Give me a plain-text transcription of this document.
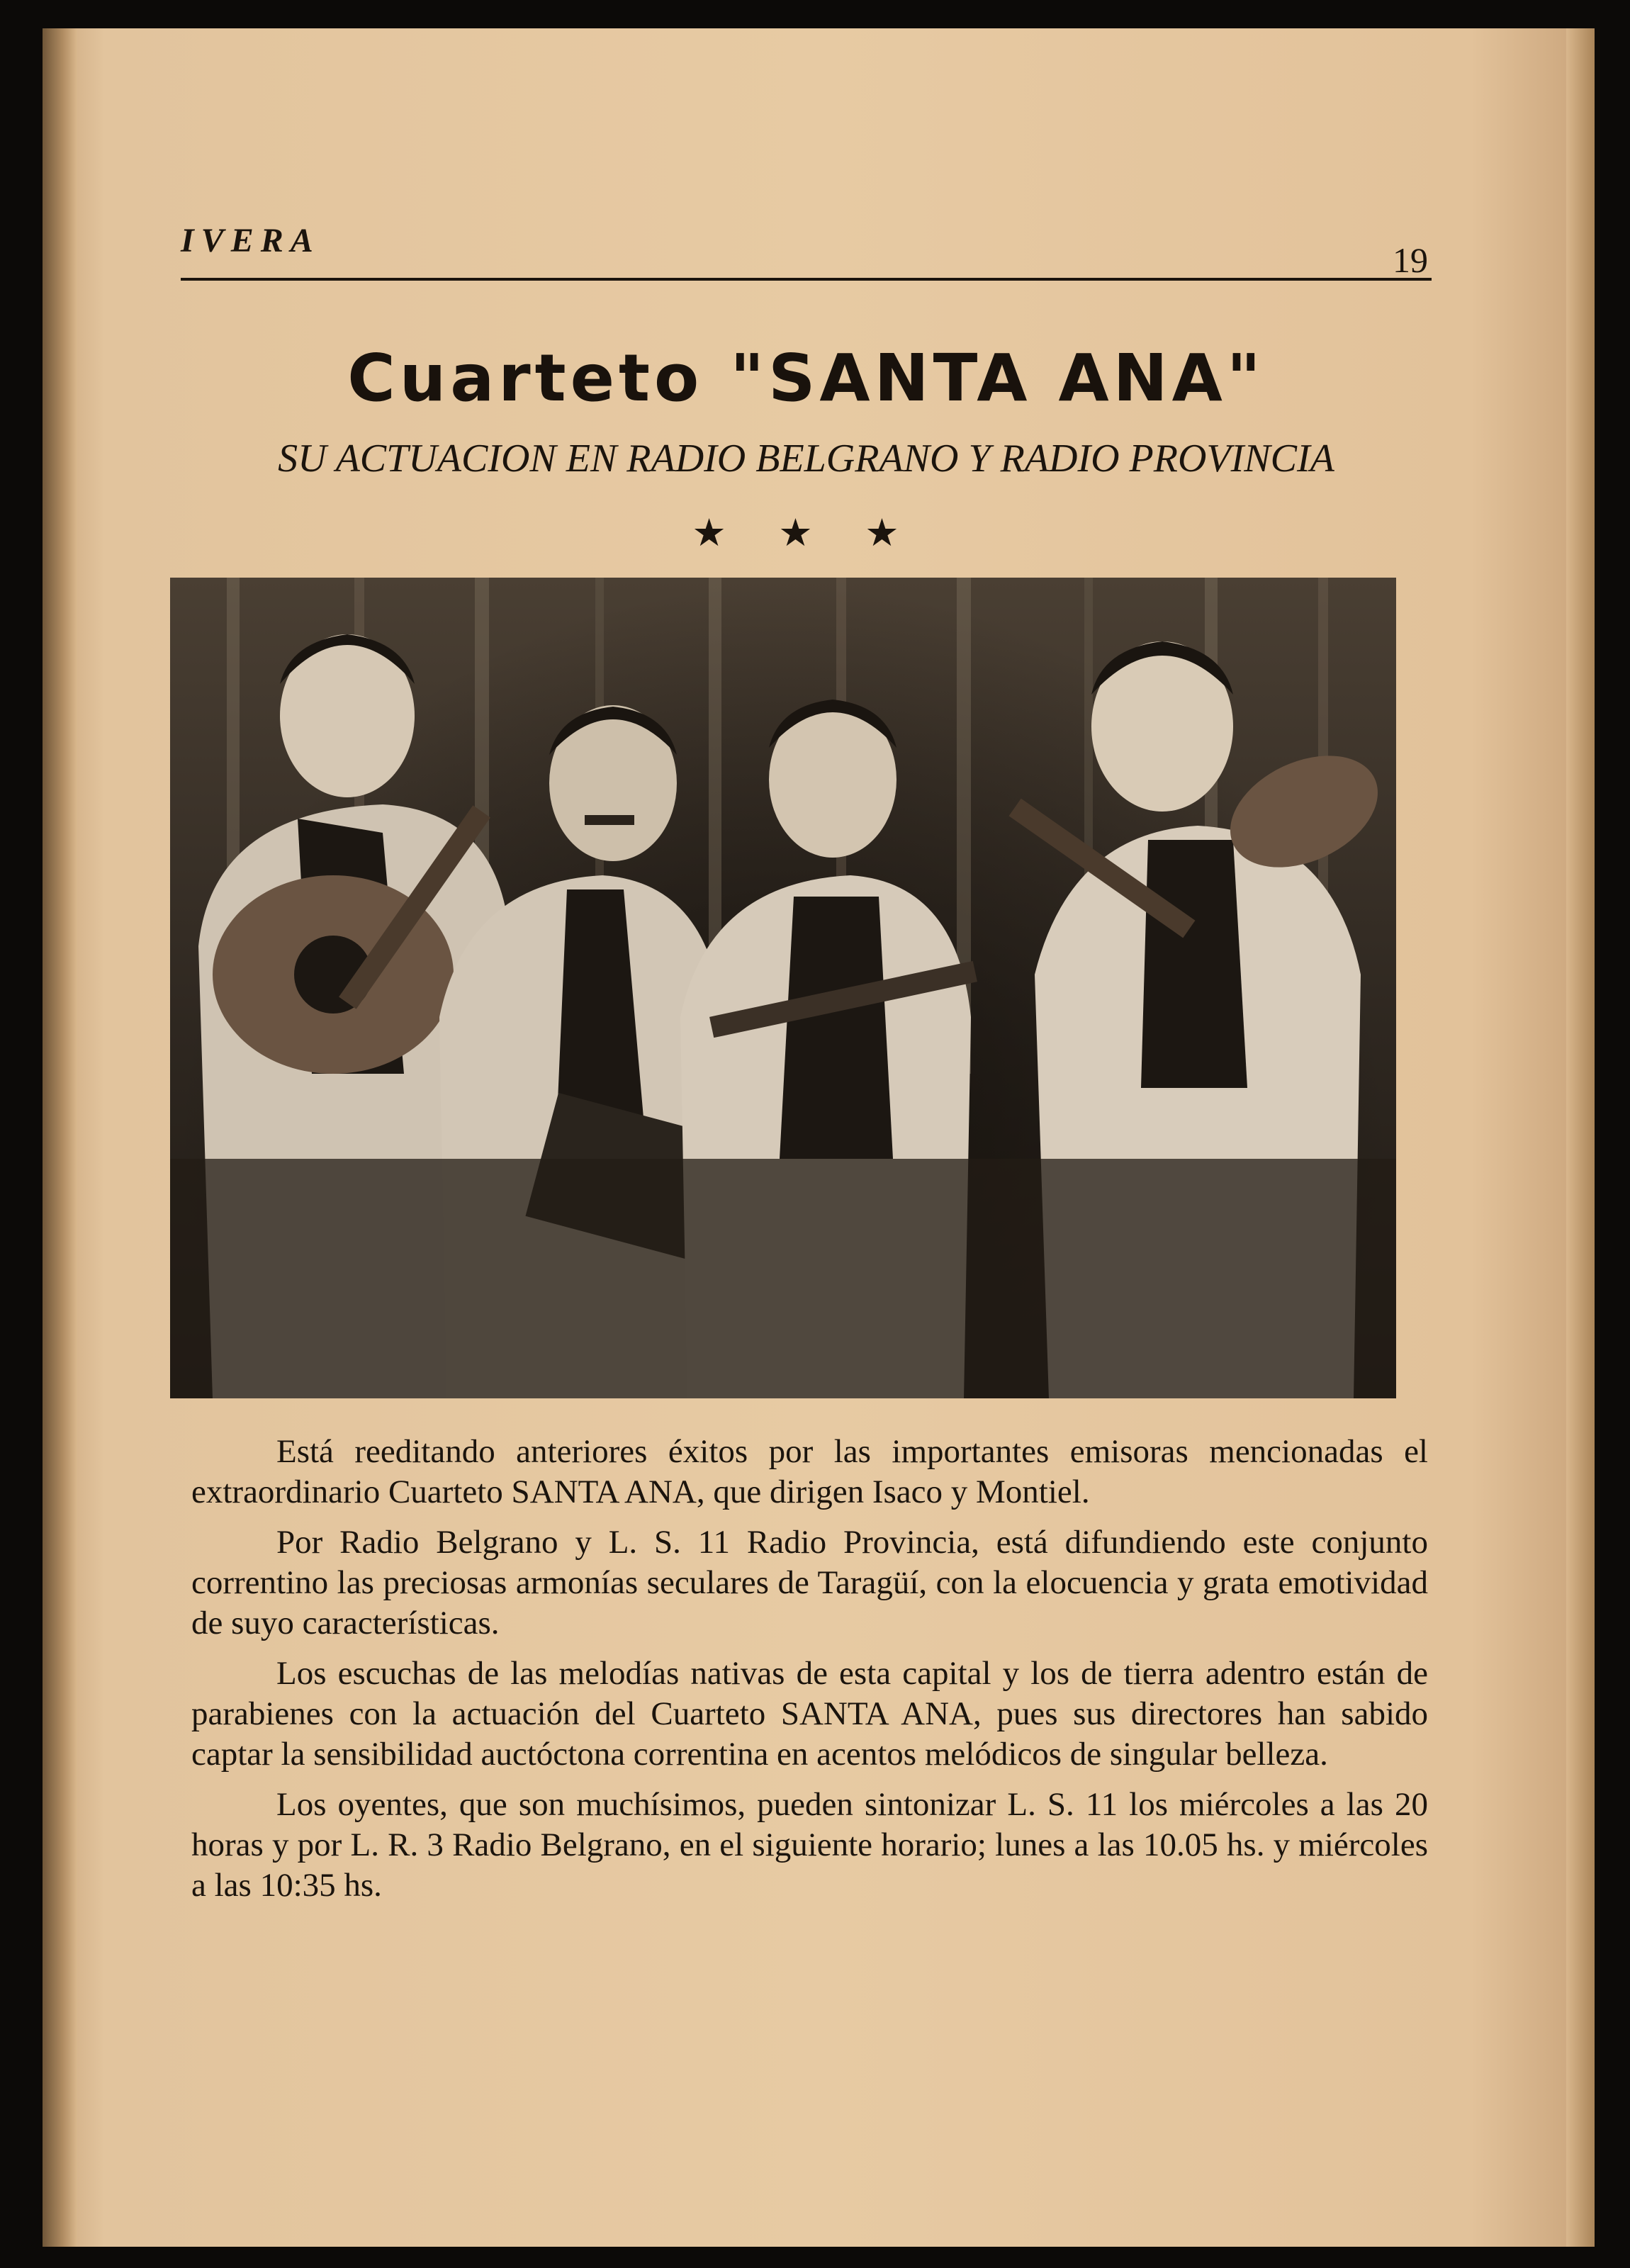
IVERA	19
Cuarteto "SANTA ANA"
SU ACTUACION EN RADIO BELGRANO Y RADIO PROVINCIA
★ ★ ★

Está reeditando anteriores éxitos por las importantes emisoras mencionadas el extraordinario Cuarteto SANTA ANA, que dirigen Isaco y Montiel.

Por Radio Belgrano y L. S. 11 Radio Provincia, está difundiendo este conjunto correntino las preciosas armonías seculares de Taragüí, con la elocuencia y grata emotividad de suyo características.

Los escuchas de las melodías nativas de esta capital y los de tierra adentro están de parabienes con la actuación del Cuarteto SANTA ANA, pues sus directores han sabido captar la sensibilidad auctóctona correntina en acentos melódicos de singular belleza.

Los oyentes, que son muchísimos, pueden sintonizar L. S. 11 los miércoles a las 20 horas y por L. R. 3 Radio Belgrano, en el siguiente horario; lunes a las 10.05 hs. y miércoles a las 10:35 hs.
